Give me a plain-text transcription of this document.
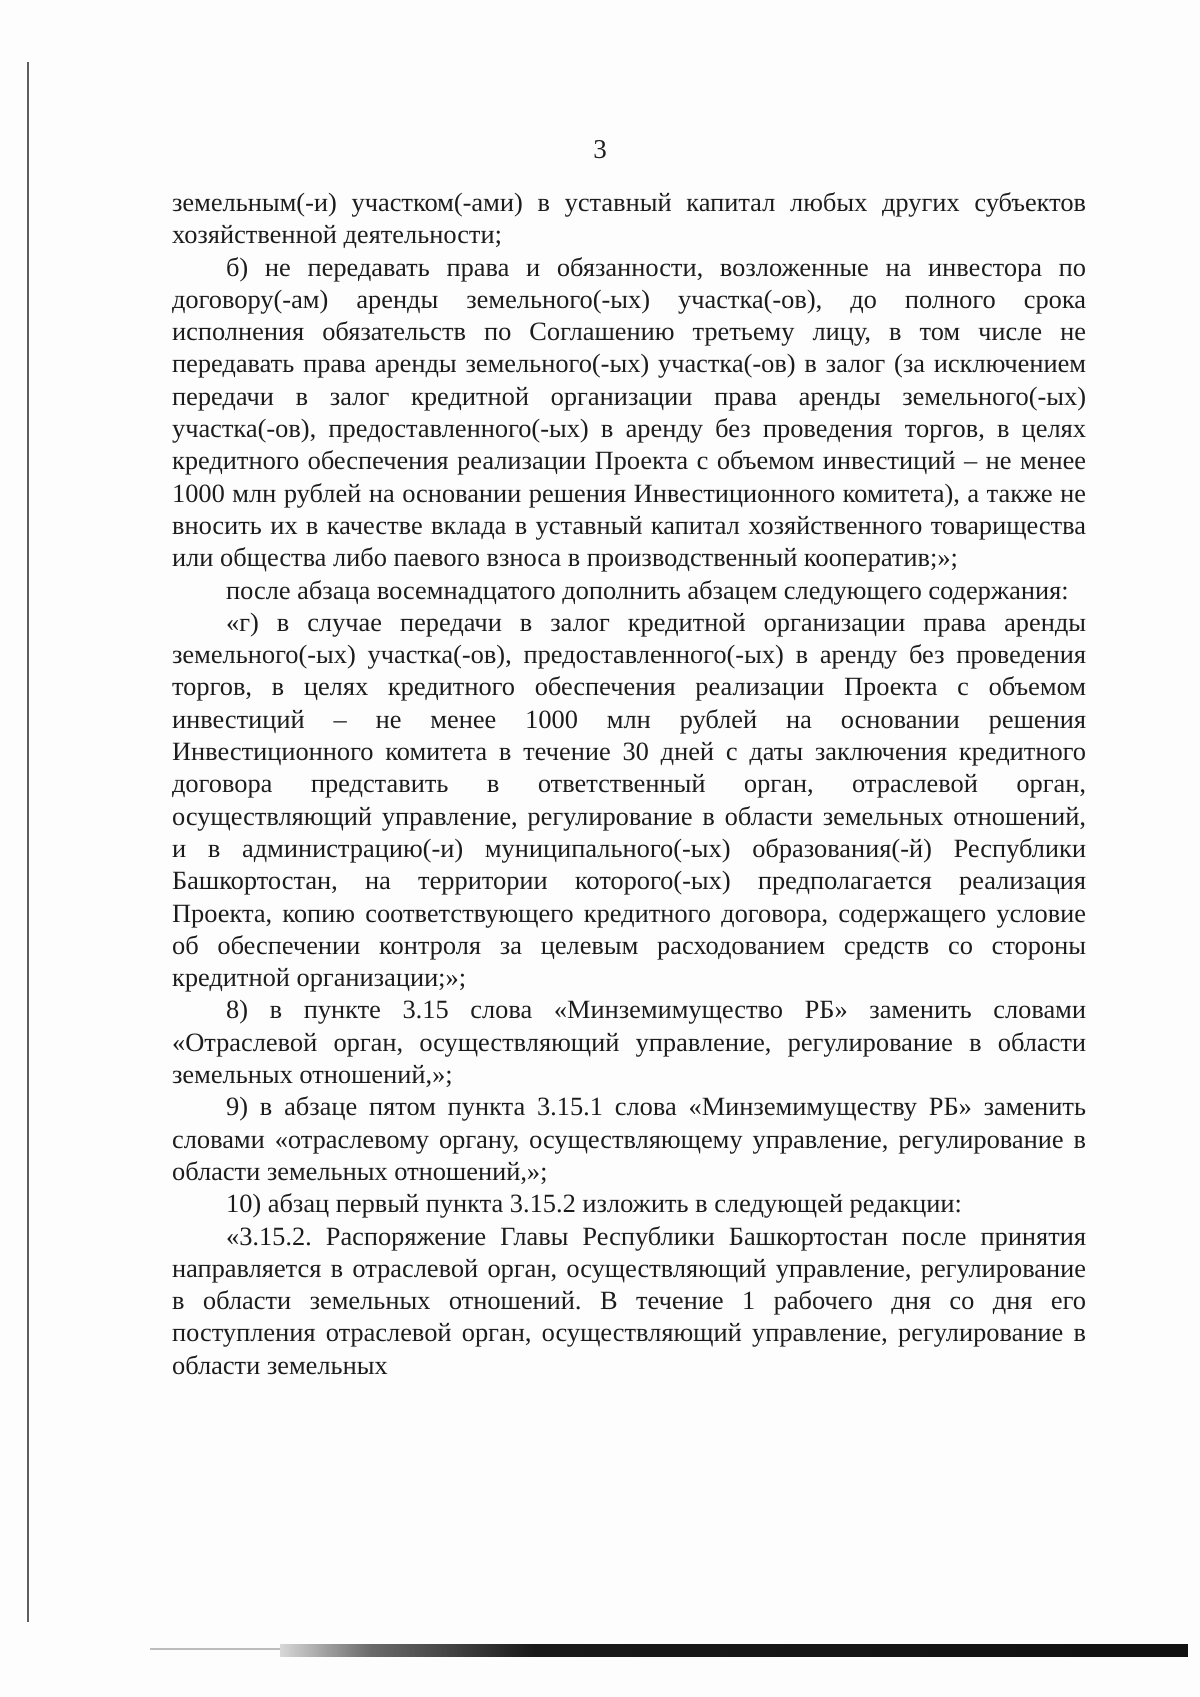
3

земельным(-и) участком(-ами) в уставный капитал любых других субъектов хозяйственной деятельности;

б) не передавать права и обязанности, возложенные на инвестора по договору(-ам) аренды земельного(-ых) участка(-ов), до полного срока исполнения обязательств по Соглашению третьему лицу, в том числе не передавать права аренды земельного(-ых) участка(-ов) в залог (за исключением передачи в залог кредитной организации права аренды земельного(-ых) участка(-ов), предоставленного(-ых) в аренду без проведения торгов, в целях кредитного обеспечения реализации Проекта с объемом инвестиций – не менее 1000 млн рублей на основании решения Инвестиционного комитета), а также не вносить их в качестве вклада в уставный капитал хозяйственного товарищества или общества либо паевого взноса в производственный кооператив;»;

после абзаца восемнадцатого дополнить абзацем следующего содержания:

«г) в случае передачи в залог кредитной организации права аренды земельного(-ых) участка(-ов), предоставленного(-ых) в аренду без проведения торгов, в целях кредитного обеспечения реализации Проекта с объемом инвестиций – не менее 1000 млн рублей на основании решения Инвестиционного комитета в течение 30 дней с даты заключения кредитного договора представить в ответственный орган, отраслевой орган, осуществляющий управление, регулирование в области земельных отношений, и в администрацию(-и) муниципального(-ых) образования(-й) Республики Башкортостан, на территории которого(-ых) предполагается реализация Проекта, копию соответствующего кредитного договора, содержащего условие об обеспечении контроля за целевым расходованием средств со стороны кредитной организации;»;

8) в пункте 3.15 слова «Минземимущество РБ» заменить словами «Отраслевой орган, осуществляющий управление, регулирование в области земельных отношений,»;

9) в абзаце пятом пункта 3.15.1 слова «Минземимуществу РБ» заменить словами «отраслевому органу, осуществляющему управление, регулирование в области земельных отношений,»;

10) абзац первый пункта 3.15.2 изложить в следующей редакции:

«3.15.2. Распоряжение Главы Республики Башкортостан после принятия направляется в отраслевой орган, осуществляющий управление, регулирование в области земельных отношений. В течение 1 рабочего дня со дня его поступления отраслевой орган, осуществляющий управление, регулирование в области земельных
